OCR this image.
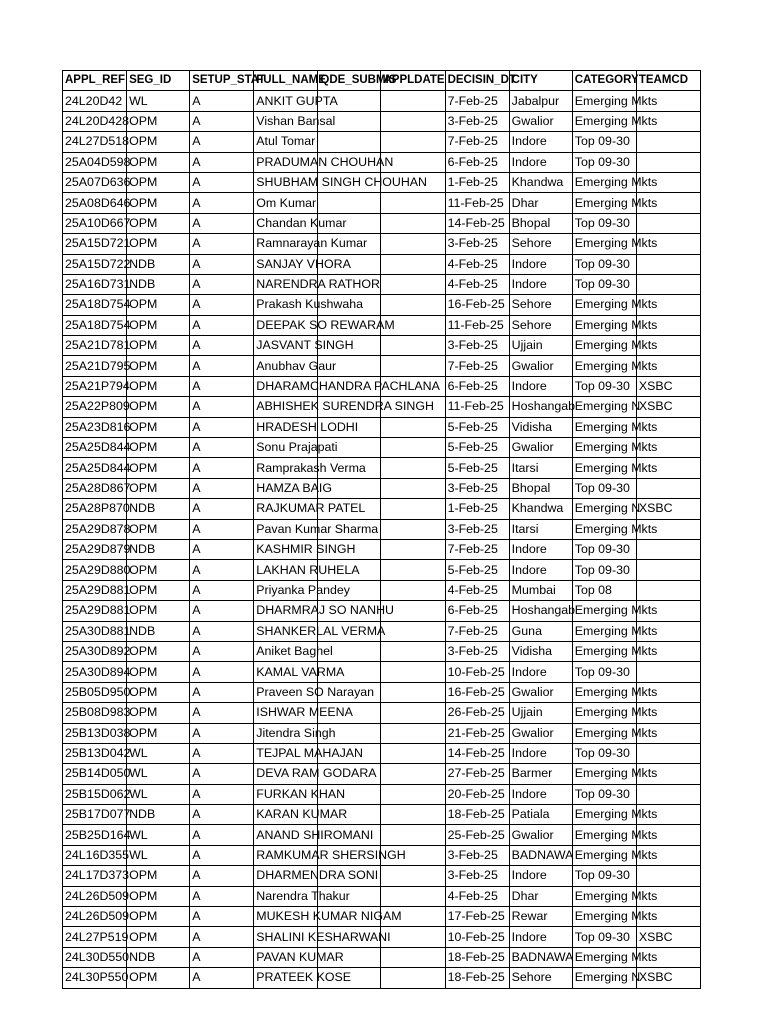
APPL_REF	SEG_ID	SETUP_STAT	FULL_NAME	QDE_SUBMIS	APPLDATE	DECISIN_DT	CITY	CATEGORY	TEAMCD
24L20D42	WL	A	ANKIT GUPTA			7-Feb-25	Jabalpur	Emerging Mkts	
24L20D428	OPM	A	Vishan Bansal			3-Feb-25	Gwalior	Emerging Mkts	
24L27D518	OPM	A	Atul Tomar			7-Feb-25	Indore	Top 09-30	
25A04D598	OPM	A	PRADUMAN CHOUHAN			6-Feb-25	Indore	Top 09-30	
25A07D636	OPM	A	SHUBHAM SINGH CHOUHAN			1-Feb-25	Khandwa	Emerging Mkts	
25A08D646	OPM	A	Om Kumar			11-Feb-25	Dhar	Emerging Mkts	
25A10D667	OPM	A	Chandan Kumar			14-Feb-25	Bhopal	Top 09-30	
25A15D721	OPM	A	Ramnarayan Kumar			3-Feb-25	Sehore	Emerging Mkts	
25A15D722	NDB	A	SANJAY VHORA			4-Feb-25	Indore	Top 09-30	
25A16D731	NDB	A	NARENDRA RATHOR			4-Feb-25	Indore	Top 09-30	
25A18D754	OPM	A	Prakash Kushwaha			16-Feb-25	Sehore	Emerging Mkts	
25A18D754	OPM	A	DEEPAK SO REWARAM			11-Feb-25	Sehore	Emerging Mkts	
25A21D781	OPM	A	JASVANT SINGH			3-Feb-25	Ujjain	Emerging Mkts	
25A21D795	OPM	A	Anubhav Gaur			7-Feb-25	Gwalior	Emerging Mkts	
25A21P794	OPM	A	DHARAMCHANDRA PACHLANA			6-Feb-25	Indore	Top 09-30	XSBC
25A22P809	OPM	A	ABHISHEK SURENDRA SINGH			11-Feb-25	Hoshangab	Emerging N	XSBC
25A23D816	OPM	A	HRADESH LODHI			5-Feb-25	Vidisha	Emerging Mkts	
25A25D844	OPM	A	Sonu Prajapati			5-Feb-25	Gwalior	Emerging Mkts	
25A25D844	OPM	A	Ramprakash Verma			5-Feb-25	Itarsi	Emerging Mkts	
25A28D867	OPM	A	HAMZA BAIG			3-Feb-25	Bhopal	Top 09-30	
25A28P870	NDB	A	RAJKUMAR PATEL			1-Feb-25	Khandwa	Emerging N	XSBC
25A29D878	OPM	A	Pavan Kumar Sharma			3-Feb-25	Itarsi	Emerging Mkts	
25A29D879	NDB	A	KASHMIR SINGH			7-Feb-25	Indore	Top 09-30	
25A29D880	OPM	A	LAKHAN RUHELA			5-Feb-25	Indore	Top 09-30	
25A29D881	OPM	A	Priyanka Pandey			4-Feb-25	Mumbai	Top 08	
25A29D881	OPM	A	DHARMRAJ SO NANHU			6-Feb-25	Hoshangab	Emerging Mkts	
25A30D881	NDB	A	SHANKERLAL VERMA			7-Feb-25	Guna	Emerging Mkts	
25A30D892	OPM	A	Aniket Baghel			3-Feb-25	Vidisha	Emerging Mkts	
25A30D894	OPM	A	KAMAL VARMA			10-Feb-25	Indore	Top 09-30	
25B05D950	OPM	A	Praveen SO Narayan			16-Feb-25	Gwalior	Emerging Mkts	
25B08D983	OPM	A	ISHWAR MEENA			26-Feb-25	Ujjain	Emerging Mkts	
25B13D038	OPM	A	Jitendra Singh			21-Feb-25	Gwalior	Emerging Mkts	
25B13D042	WL	A	TEJPAL MAHAJAN			14-Feb-25	Indore	Top 09-30	
25B14D050	WL	A	DEVA RAM GODARA			27-Feb-25	Barmer	Emerging Mkts	
25B15D062	WL	A	FURKAN KHAN			20-Feb-25	Indore	Top 09-30	
25B17D077	NDB	A	KARAN KUMAR			18-Feb-25	Patiala	Emerging Mkts	
25B25D164	WL	A	ANAND SHIROMANI			25-Feb-25	Gwalior	Emerging Mkts	
24L16D355	WL	A	RAMKUMAR SHERSINGH			3-Feb-25	BADNAWA	Emerging Mkts	
24L17D373	OPM	A	DHARMENDRA SONI			3-Feb-25	Indore	Top 09-30	
24L26D509	OPM	A	Narendra Thakur			4-Feb-25	Dhar	Emerging Mkts	
24L26D509	OPM	A	MUKESH KUMAR NIGAM			17-Feb-25	Rewar	Emerging Mkts	
24L27P519	OPM	A	SHALINI KESHARWANI			10-Feb-25	Indore	Top 09-30	XSBC
24L30D550	NDB	A	PAVAN KUMAR			18-Feb-25	BADNAWA	Emerging Mkts	
24L30P550	OPM	A	PRATEEK KOSE			18-Feb-25	Sehore	Emerging N	XSBC
